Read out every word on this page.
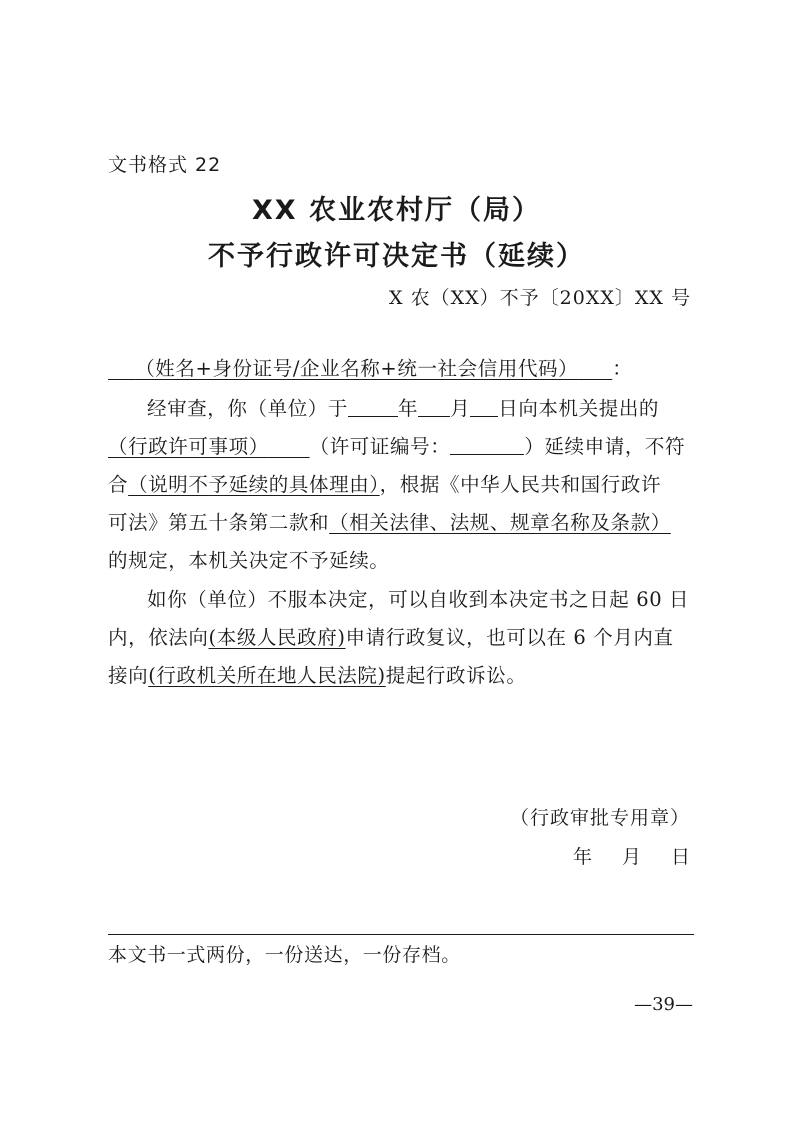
文书格式 22
XX 农业农村厅（局）
不予行政许可决定书（延续）
X 农（XX）不予〔20XX〕XX 号
（姓名+身份证号/企业名称+统一社会信用代码） ：
经审查，你（单位）于	年 月 日向本机关提出的
（行政许可事项） （许可证编号：	）延续申请，不符
合（说明不予延续的具体理由），根据《中华人民共和国行政许
可法》第五十条第二款和（相关法律、法规、规章名称及条款）
的规定，本机关决定不予延续。
如你（单位）不服本决定，可以自收到本决定书之日起 60 日
内，依法向(本级人民政府)申请行政复议，也可以在 6 个月内直
接向(行政机关所在地人民法院)提起行政诉讼。
（行政审批专用章）
年 月 日
本文书一式两份，一份送达，一份存档。
—39—
